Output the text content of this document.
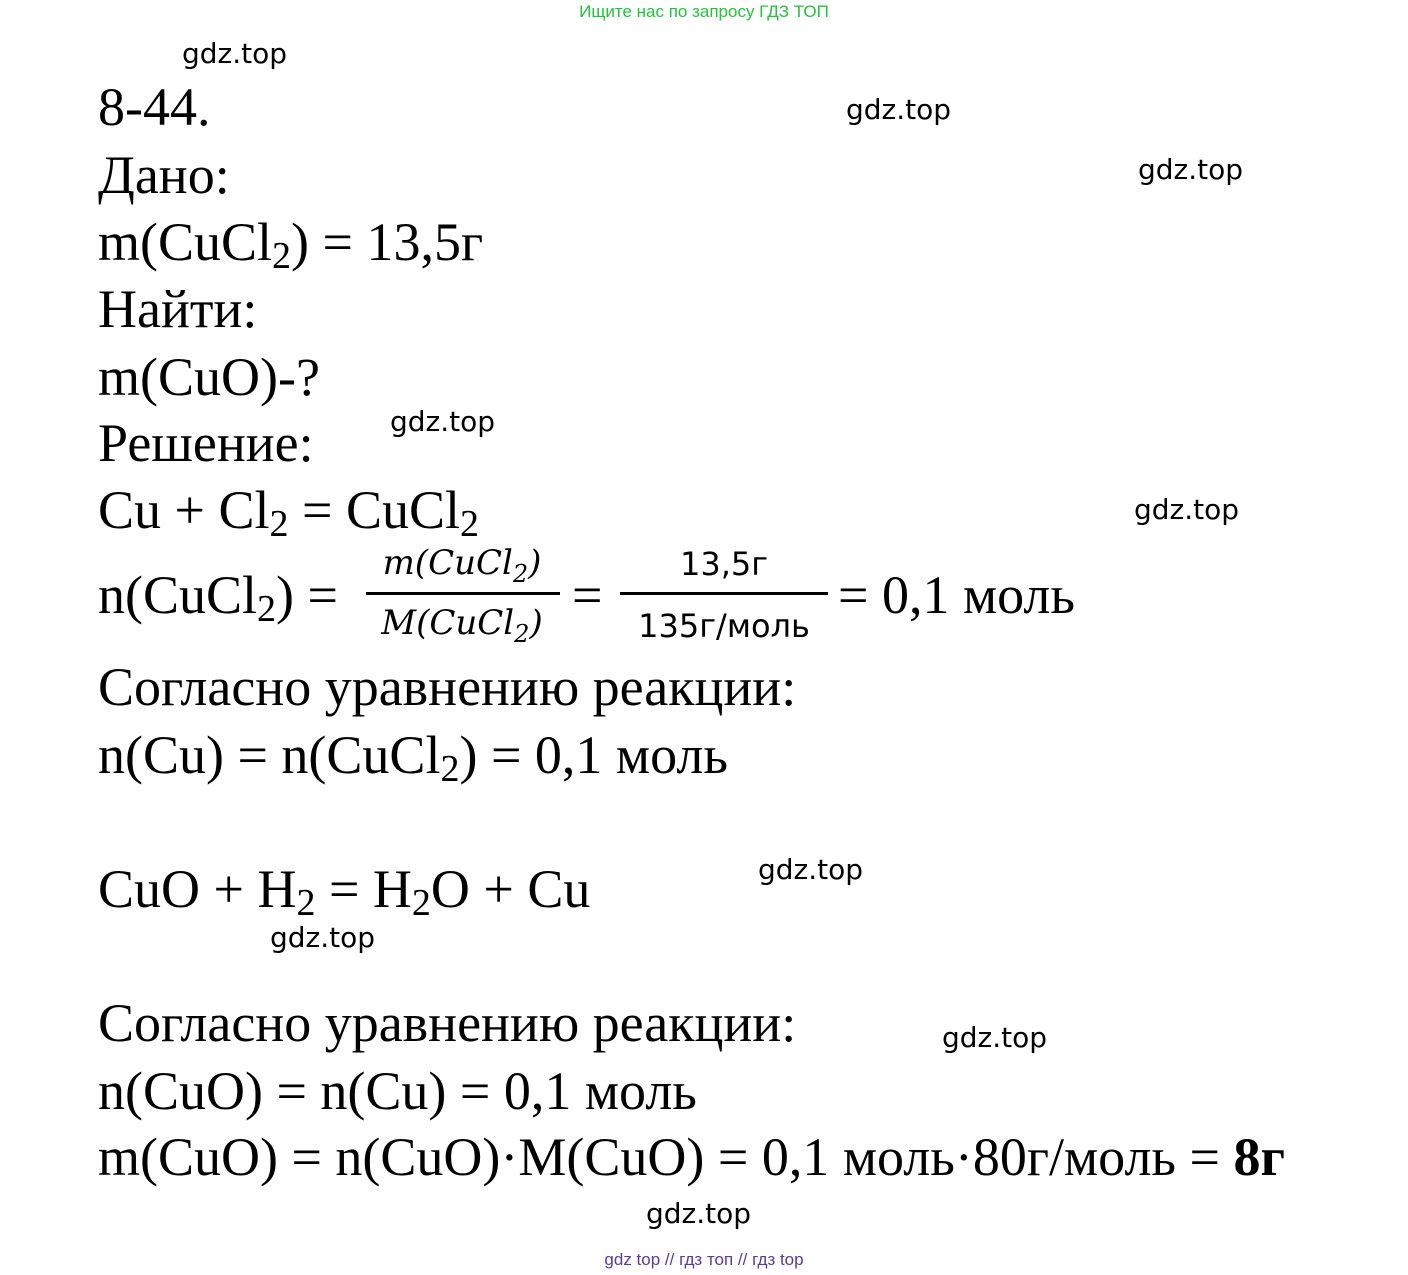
Ищите нас по запросу ГДЗ ТОП
gdz.top
gdz.top
gdz.top
gdz.top
gdz.top
gdz.top
gdz.top
gdz.top
gdz.top
8-44.
Дано:
m(CuCl$_2$) = 13,5г
Найти:
m(CuO)-?
Решение:
$Cu + Cl_2$ = CuCl$_2$
n(CuCl$_2$) =
m(CuCl$_2$)
M(CuCl$_2$) =
13,5г
135г/моль
= 0,1 моль
Согласно уравнению реакции:
n(Cu) = n(CuCl$_2$) = 0,1 моль
CuO + $H_2 = H_2O + Cu$
Согласно уравнению реакции:
n(CuO) = n(Cu) = 0,1 моль
m(CuO) = n(CuO)·M(CuO) = 0,1 моль·80г/моль = 8г
gdz top // гдз топ // гдз top
